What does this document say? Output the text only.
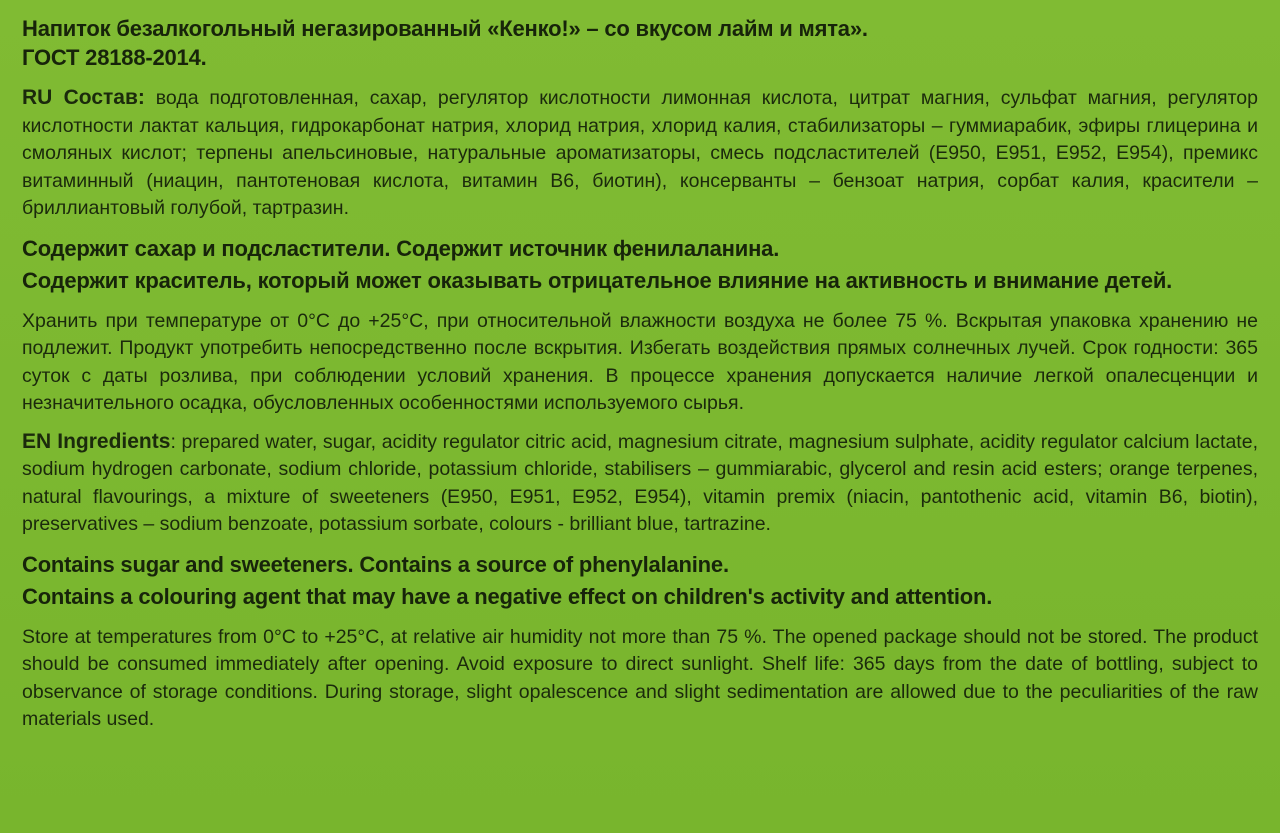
Напиток безалкогольный негазированный «Кенко!» – со вкусом лайм и мята».
ГОСТ 28188-2014.

RU Состав: вода подготовленная, сахар, регулятор кислотности лимонная кислота, цитрат магния, сульфат магния, регулятор кислотности лактат кальция, гидрокарбонат натрия, хлорид натрия, хлорид калия, стабилизаторы – гуммиарабик, эфиры глицерина и смоляных кислот; терпены апельсиновые, натуральные ароматизаторы, смесь подсластителей (Е950, Е951, Е952, Е954), премикс витаминный (ниацин, пантотеновая кислота, витамин В6, биотин), консерванты – бензоат натрия, сорбат калия, красители – бриллиантовый голубой, тартразин.

Содержит сахар и подсластители. Содержит источник фенилаланина.
Содержит краситель, который может оказывать отрицательное влияние на активность и внимание детей.

Хранить при температуре от 0°С до +25°С, при относительной влажности воздуха не более 75 %. Вскрытая упаковка хранению не подлежит. Продукт употребить непосредственно после вскрытия. Избегать воздействия прямых солнечных лучей. Срок годности: 365 суток с даты розлива, при соблюдении условий хранения. В процессе хранения допускается наличие легкой опалесценции и незначительного осадка, обусловленных особенностями используемого сырья.

EN Ingredients: prepared water, sugar, acidity regulator citric acid, magnesium citrate, magnesium sulphate, acidity regulator calcium lactate, sodium hydrogen carbonate, sodium chloride, potassium chloride, stabilisers – gummiarabic, glycerol and resin acid esters; orange terpenes, natural flavourings, a mixture of sweeteners (E950, E951, E952, E954), vitamin premix (niacin, pantothenic acid, vitamin B6, biotin), preservatives – sodium benzoate, potassium sorbate, colours - brilliant blue, tartrazine.

Contains sugar and sweeteners. Contains a source of phenylalanine.
Contains a colouring agent that may have a negative effect on children's activity and attention.

Store at temperatures from 0°C to +25°C, at relative air humidity not more than 75 %. The opened package should not be stored. The product should be consumed immediately after opening. Avoid exposure to direct sunlight. Shelf life: 365 days from the date of bottling, subject to observance of storage conditions. During storage, slight opalescence and slight sedimentation are allowed due to the peculiarities of the raw materials used.
